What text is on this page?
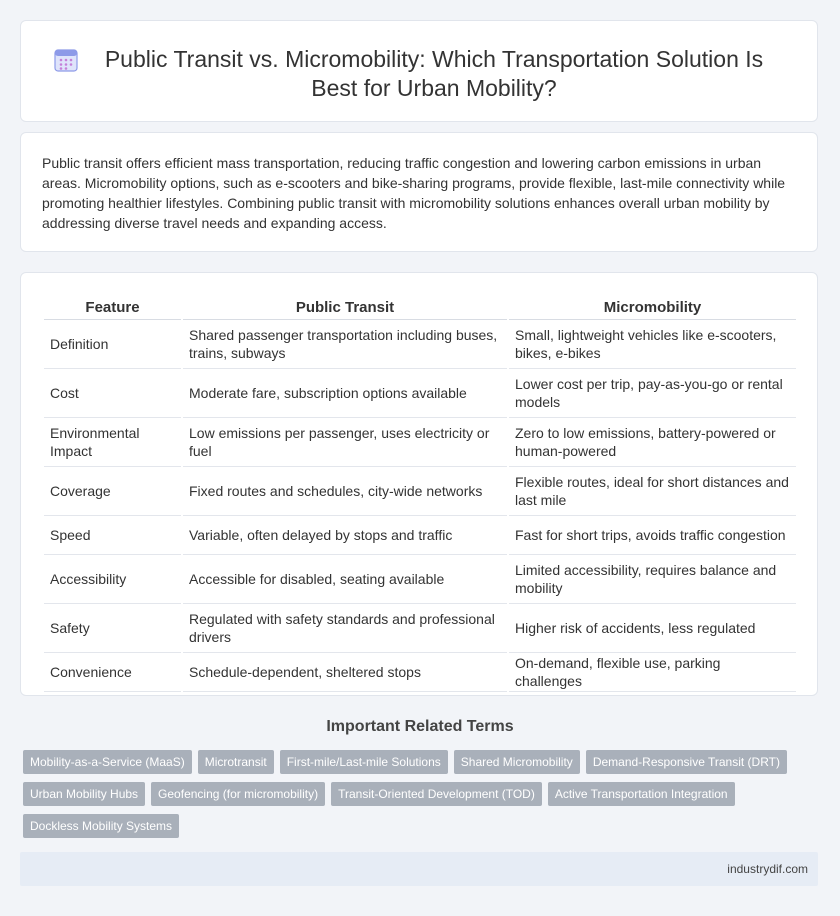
Public Transit vs. Micromobility: Which Transportation Solution Is Best for Urban Mobility?

Public transit offers efficient mass transportation, reducing traffic congestion and lowering carbon emissions in urban areas. Micromobility options, such as e-scooters and bike-sharing programs, provide flexible, last-mile connectivity while promoting healthier lifestyles. Combining public transit with micromobility solutions enhances overall urban mobility by addressing diverse travel needs and expanding access.

Feature	Public Transit	Micromobility
Definition	Shared passenger transportation including buses, trains, subways	Small, lightweight vehicles like e-scooters, bikes, e-bikes
Cost	Moderate fare, subscription options available	Lower cost per trip, pay-as-you-go or rental models
Environmental Impact	Low emissions per passenger, uses electricity or fuel	Zero to low emissions, battery-powered or human-powered
Coverage	Fixed routes and schedules, city-wide networks	Flexible routes, ideal for short distances and last mile
Speed	Variable, often delayed by stops and traffic	Fast for short trips, avoids traffic congestion
Accessibility	Accessible for disabled, seating available	Limited accessibility, requires balance and mobility
Safety	Regulated with safety standards and professional drivers	Higher risk of accidents, less regulated
Convenience	Schedule-dependent, sheltered stops	On-demand, flexible use, parking challenges
Important Related Terms
Mobility-as-a-Service (MaaS) Microtransit First-mile/Last-mile Solutions Shared Micromobility Demand-Responsive Transit (DRT)Urban Mobility Hubs Geofencing (for micromobility) Transit-Oriented Development (TOD) Active Transportation IntegrationDockless Mobility Systems
industrydif.com
